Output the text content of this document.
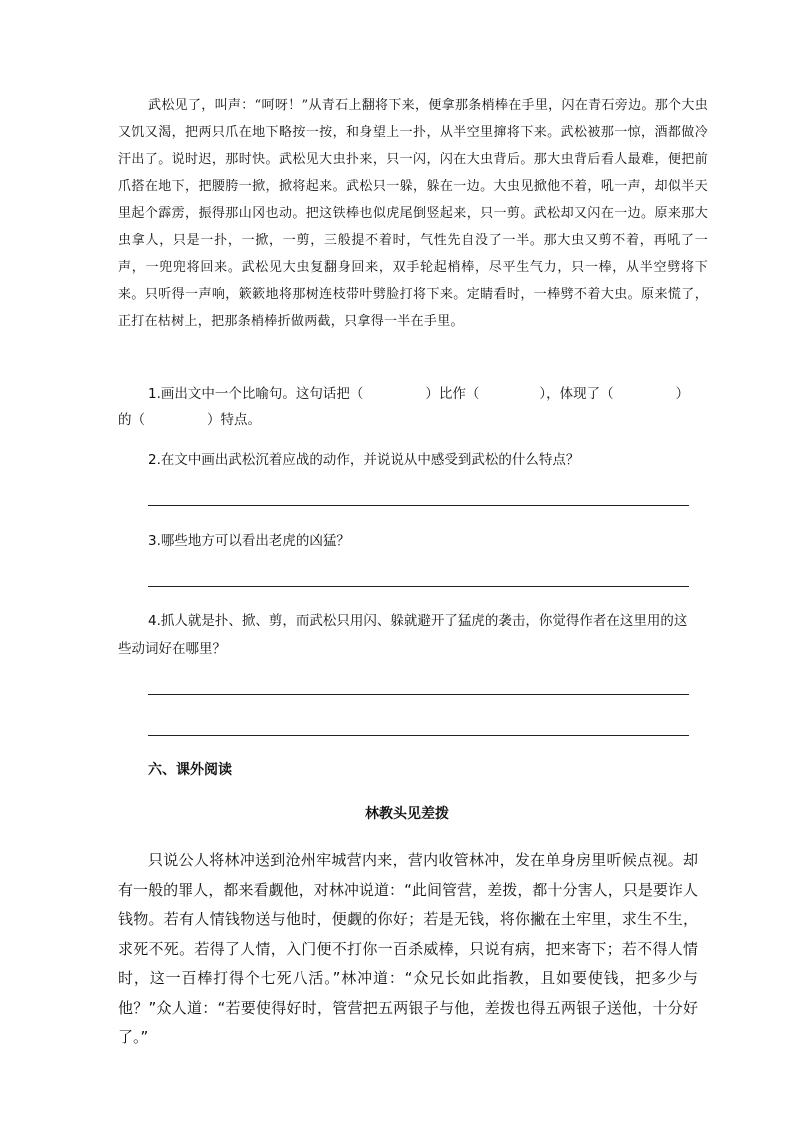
武松见了，叫声：“呵呀！”从青石上翻将下来，便拿那条梢棒在手里，闪在青石旁边。那个大虫又饥又渴，把两只爪在地下略按一按，和身望上一扑，从半空里撺将下来。武松被那一惊，酒都做冷汗出了。说时迟，那时快。武松见大虫扑来，只一闪，闪在大虫背后。那大虫背后看人最难，便把前爪搭在地下，把腰胯一掀，掀将起来。武松只一躲，躲在一边。大虫见掀他不着，吼一声，却似半天里起个霹雳，振得那山冈也动。把这铁棒也似虎尾倒竖起来，只一剪。武松却又闪在一边。原来那大虫拿人，只是一扑，一掀，一剪，三般提不着时，气性先自没了一半。那大虫又剪不着，再吼了一声，一兜兜将回来。武松见大虫复翻身回来，双手轮起梢棒，尽平生气力，只一棒，从半空劈将下来。只听得一声响，簌簌地将那树连枝带叶劈脸打将下来。定睛看时，一棒劈不着大虫。原来慌了，正打在枯树上，把那条梢棒折做两截，只拿得一半在手里。

1.画出文中一个比喻句。这句话把（	）比作（	），体现了（	）
的（	）特点。

2.在文中画出武松沉着应战的动作，并说说从中感受到武松的什么特点？

3.哪些地方可以看出老虎的凶猛？

4.抓人就是扑、掀、剪，而武松只用闪、躲就避开了猛虎的袭击，你觉得作者在这里用的这些动词好在哪里？

六、课外阅读
林教头见差拨

只说公人将林冲送到沧州牢城营内来，营内收管林冲，发在单身房里听候点视。却有一般的罪人，都来看觑他，对林冲说道：“此间管营，差拨，都十分害人，只是要诈人钱物。若有人情钱物送与他时，便觑的你好；若是无钱，将你撇在土牢里，求生不生，求死不死。若得了人情，入门便不打你一百杀威棒，只说有病，把来寄下；若不得人情时，这一百棒打得个七死八活。”林冲道：“众兄长如此指教，且如要使钱，把多少与他？”众人道：“若要使得好时，管营把五两银子与他，差拨也得五两银子送他，十分好了。”
